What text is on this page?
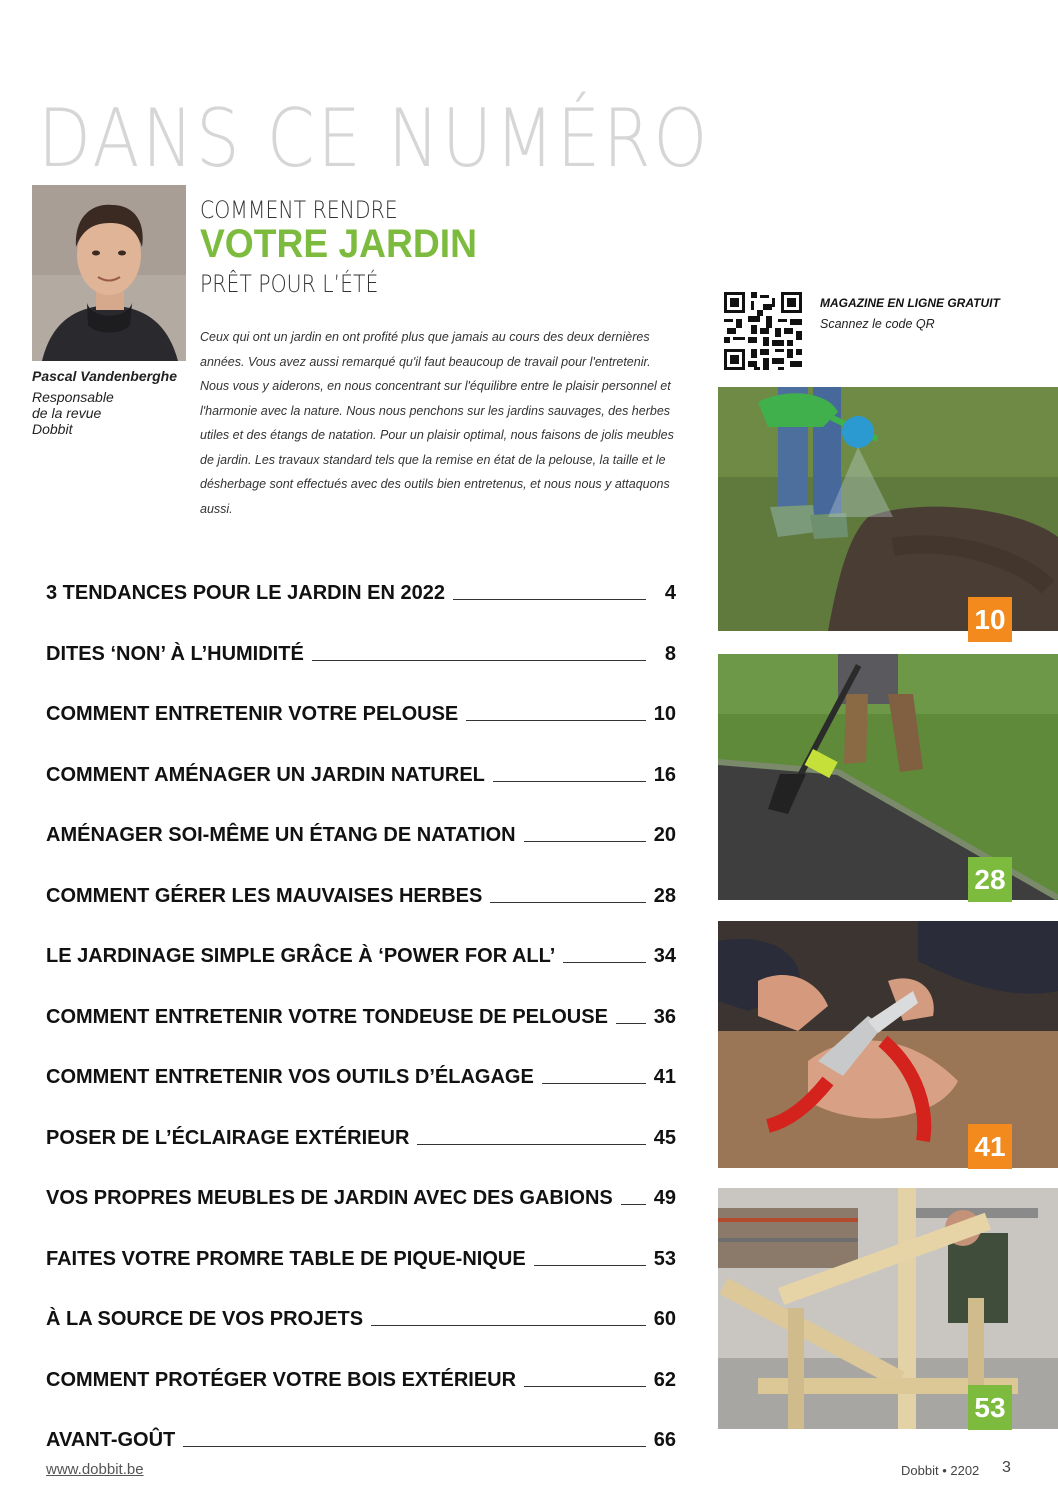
DANS CE NUMÉRO
Pascal Vandenberghe
Responsable
de la revue
Dobbit
COMMENT RENDRE
VOTRE JARDIN
PRÊT POUR L’ÉTÉ

Ceux qui ont un jardin en ont profité plus que jamais au cours des deux dernières années. Vous avez aussi remarqué qu'il faut beaucoup de travail pour l'entretenir. Nous vous y aiderons, en nous concentrant sur l'équilibre entre le plaisir personnel et l'harmonie avec la nature. Nous nous penchons sur les jardins sauvages, des herbes utiles et des étangs de natation. Pour un plaisir optimal, nous faisons de jolis meubles de jardin. Les travaux standard tels que la remise en état de la pelouse, la taille et le désherbage sont effectués avec des outils bien entretenus, et nous nous y attaquons aussi.

MAGAZINE EN LIGNE GRATUIT
Scannez le code QR
3 TENDANCES POUR LE JARDIN EN 2022	4
DITES ‘NON’ À L’HUMIDITÉ	8
COMMENT ENTRETENIR VOTRE PELOUSE	10
COMMENT AMÉNAGER UN JARDIN NATUREL	16
AMÉNAGER SOI-MÊME UN ÉTANG DE NATATION	20
COMMENT GÉRER LES MAUVAISES HERBES	28
LE JARDINAGE SIMPLE GRÂCE À ‘POWER FOR ALL’	34
COMMENT ENTRETENIR VOTRE TONDEUSE DE PELOUSE 36
COMMENT ENTRETENIR VOS OUTILS D’ÉLAGAGE	41
POSER DE L’ÉCLAIRAGE EXTÉRIEUR	45
VOS PROPRES MEUBLES DE JARDIN AVEC DES GABIONS 49
FAITES VOTRE PROMRE TABLE DE PIQUE-NIQUE	53
À LA SOURCE DE VOS PROJETS	60
COMMENT PROTÉGER VOTRE BOIS EXTÉRIEUR	62
AVANT-GOÛT	66
10
28
41
53
www.dobbit.be	Dobbit • 2202 3
